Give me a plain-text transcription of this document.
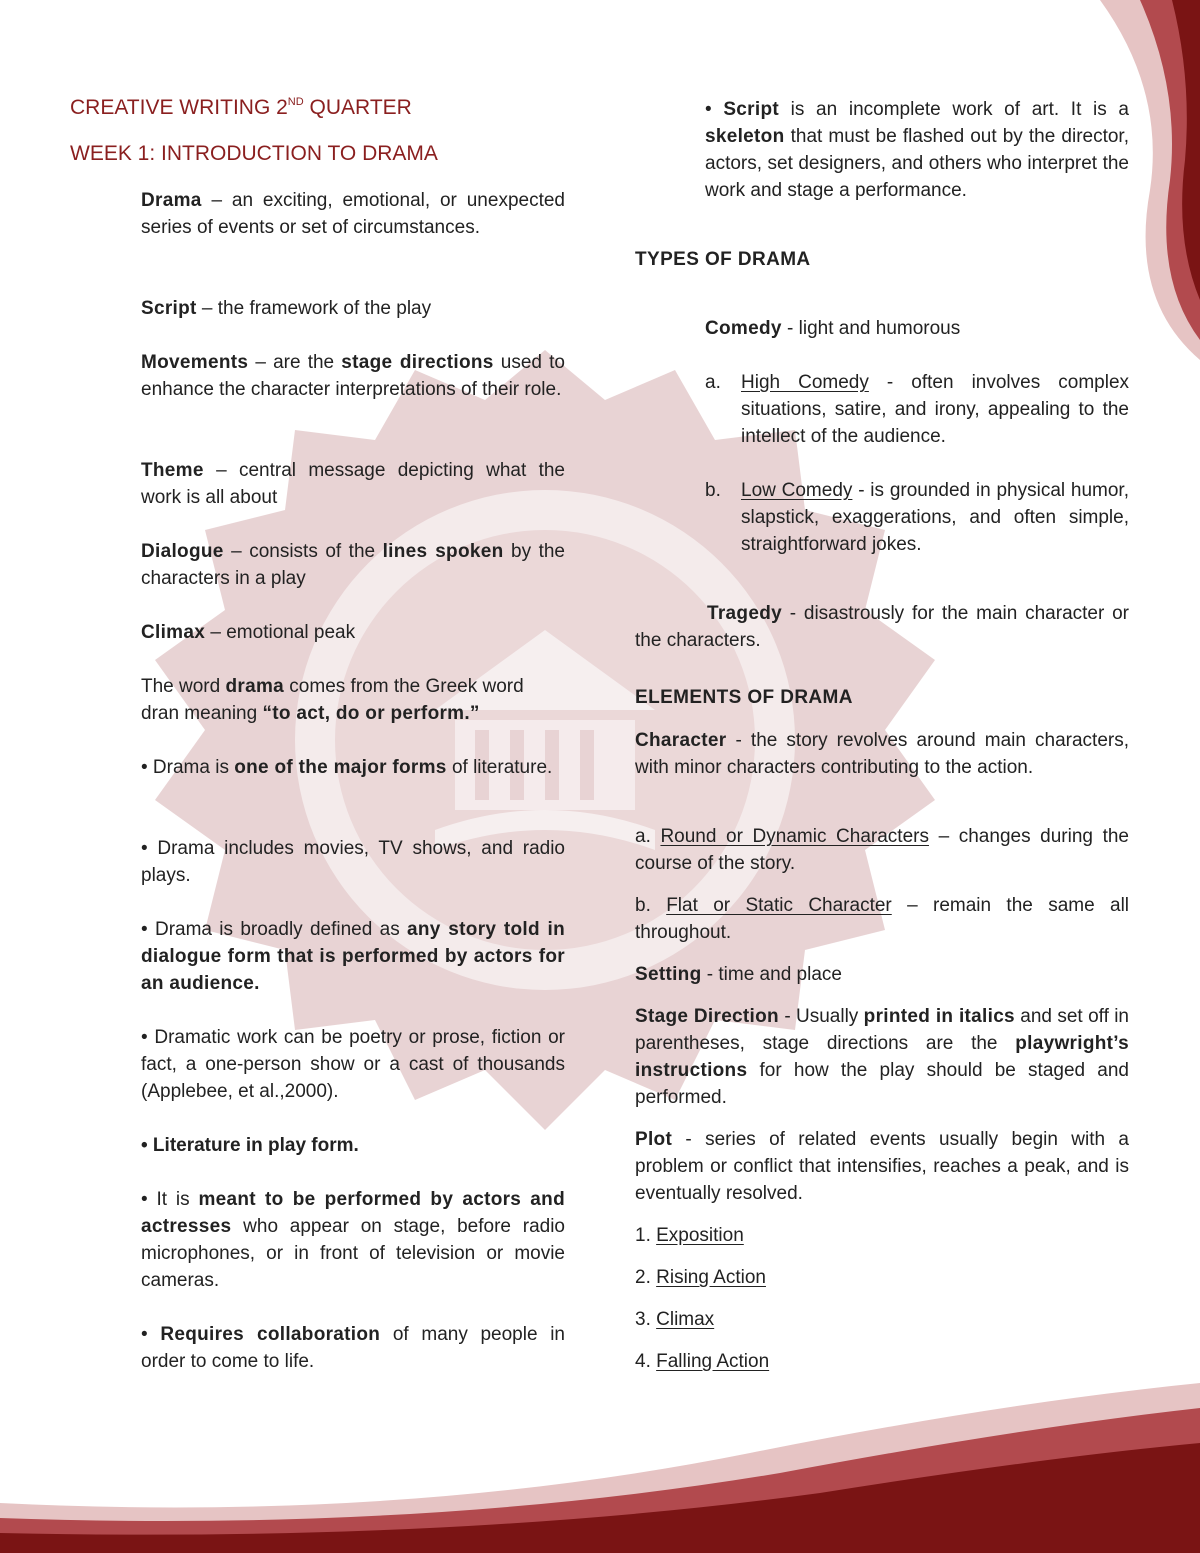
CREATIVE WRITING 2ND QUARTER
WEEK 1: INTRODUCTION TO DRAMA

Drama – an exciting, emotional, or unexpected series of events or set of circumstances.

Script – the framework of the play

Movements – are the stage directions used to enhance the character interpretations of their role.

Theme – central message depicting what the work is all about

Dialogue – consists of the lines spoken by the characters in a play

Climax – emotional peak

The word drama comes from the Greek word dran meaning “to act, do or perform.”

• Drama is one of the major forms of literature.

• Drama includes movies, TV shows, and radio plays.

• Drama is broadly defined as any story told in dialogue form that is performed by actors for an audience.

• Dramatic work can be poetry or prose, fiction or fact, a one-person show or a cast of thousands (Applebee, et al.,2000).

• Literature in play form.

• It is meant to be performed by actors and actresses who appear on stage, before radio microphones, or in front of television or movie cameras.

• Requires collaboration of many people in order to come to life.

• Script is an incomplete work of art. It is a skeleton that must be flashed out by the director, actors, set designers, and others who interpret the work and stage a performance.

TYPES OF DRAMA

Comedy - light and humorous

a.	High Comedy - often involves complex situations, satire, and irony, appealing to the intellect of the audience.
b.	Low Comedy - is grounded in physical humor, slapstick, exaggerations, and often simple, straightforward jokes.

Tragedy - disastrously for the main character or the characters.

ELEMENTS OF DRAMA

Character - the story revolves around main characters, with minor characters contributing to the action.

a. Round or Dynamic Characters – changes during the course of the story.

b. Flat or Static Character – remain the same all throughout.

Setting - time and place

Stage Direction - Usually printed in italics and set off in parentheses, stage directions are the playwright’s instructions for how the play should be staged and performed.

Plot - series of related events usually begin with a problem or conflict that intensifies, reaches a peak, and is eventually resolved.

1. Exposition

2. Rising Action

3. Climax

4. Falling Action
